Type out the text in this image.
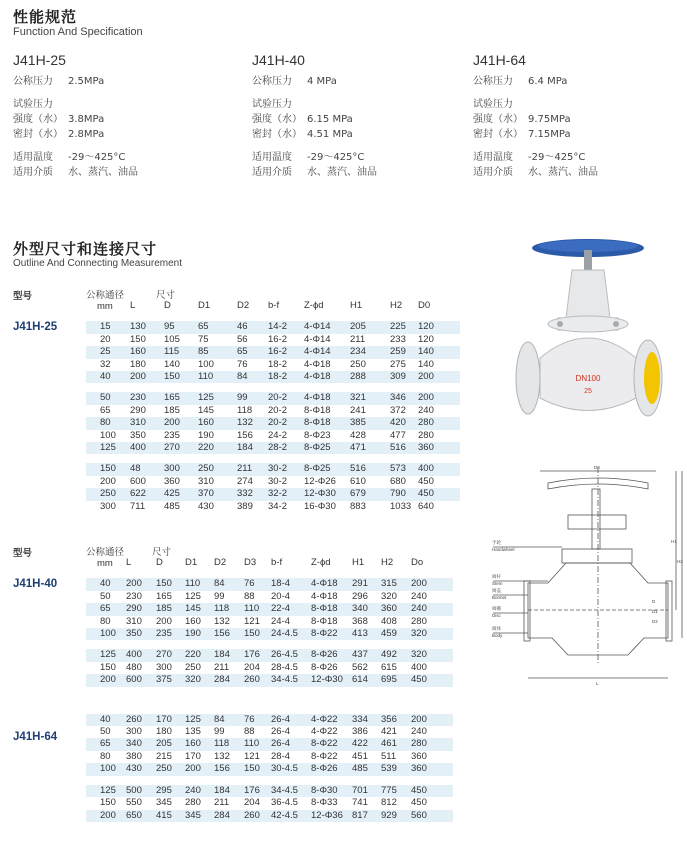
性能规范
Function And Specification
J41H-25
公称压力 2.5MPa
试验压力
强度（水） 3.8MPa
密封（水） 2.8MPa
适用温度 -29～425°C
适用介质 水、蒸汽、油品
J41H-40
公称压力 4 MPa
试验压力
强度（水） 6.15 MPa
密封（水） 4.51 MPa
适用温度 -29～425°C
适用介质 水、蒸汽、油品
J41H-64
公称压力 6.4 MPa
试验压力
强度（水） 9.75MPa
密封（水） 7.15MPa
适用温度 -29～425°C
适用介质 水、蒸汽、油品
外型尺寸和连接尺寸
Outline And Connecting Measurement
型号	公称通径
mm
尺寸
J41H-25
	L	D	D1	D2	b-f	Z-ϕd	H1	H2	D0

15	130	95	65	46	14-2	4-Φ14	205	225	120
20	150	105	75	56	16-2	4-Φ14	211	233	120
25	160	115	85	65	16-2	4-Φ14	234	259	140
32	180	140	100	76	18-2	4-Φ18	250	275	140
40	200	150	110	84	18-2	4-Φ18	288	309	200

50	230	165	125	99	20-2	4-Φ18	321	346	200
65	290	185	145	118	20-2	8-Φ18	241	372	240
80	310	200	160	132	20-2	8-Φ18	385	420	280
100	350	235	190	156	24-2	8-Φ23	428	477	280
125	400	270	220	184	28-2	8-Φ25	471	516	360

150	48	300	250	211	30-2	8-Φ25	516	573	400
200	600	360	310	274	30-2	12-Φ26	610	680	450
250	622	425	370	332	32-2	12-Φ30	679	790	450
300	711	485	430	389	34-2	16-Φ30	883	1033	640
型号	公称通径
mm
尺寸
J41H-40
J41H-64
	L	D	D1	D2	D3	b-f	Z-ϕd	H1	H2	Do

40	200	150	110	84	76	18-4	4-Φ18	291	315	200
50	230	165	125	99	88	20-4	4-Φ18	296	320	240
65	290	185	145	118	110	22-4	8-Φ18	340	360	240
80	310	200	160	132	121	24-4	8-Φ18	368	408	280
100	350	235	190	156	150	24-4.5	8-Φ22	413	459	320

125	400	270	220	184	176	26-4.5	8-Φ26	437	492	320
150	480	300	250	211	204	28-4.5	8-Φ26	562	615	400
200	600	375	320	284	260	34-4.5	12-Φ30	614	695	450

40	260	170	125	84	76	26-4	4-Φ22	334	356	200
50	300	180	135	99	88	26-4	4-Φ22	386	421	240
65	340	205	160	118	110	26-4	8-Φ22	422	461	280
80	380	215	170	132	121	28-4	8-Φ22	451	511	360
100	430	250	200	156	150	30-4.5	8-Φ26	485	539	360

125	500	295	240	184	176	34-4.5	8-Φ30	701	775	450
150	550	345	280	211	204	36-4.5	8-Φ33	741	812	450
200	650	415	345	284	260	42-4.5	12-Φ36	817	929	560
DN100
25
手轮
Handwheel
阀杆
Stem
阀盖
Bonnet
阀瓣
Disc
阀体
Body
D0
H1
H2
L
D
D1
D2
